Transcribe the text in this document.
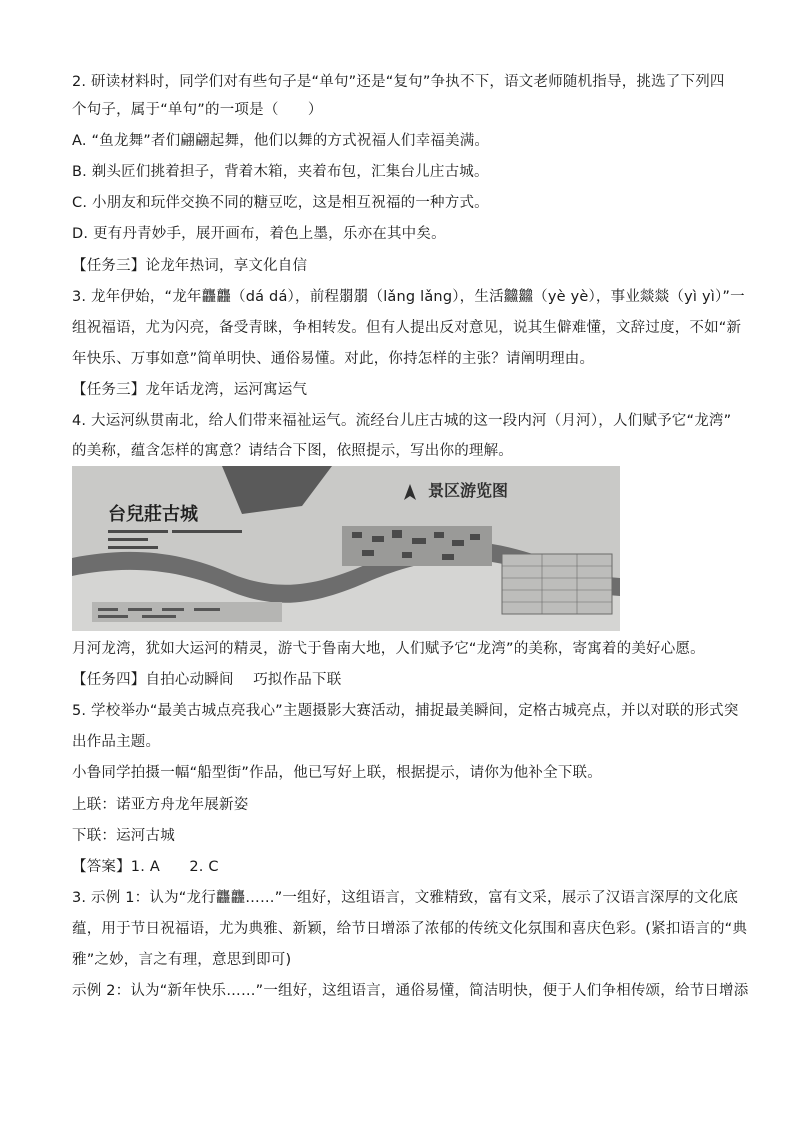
2. 研读材料时，同学们对有些句子是“单句”还是“复句”争执不下，语文老师随机指导，挑选了下列四
个句子，属于“单句”的一项是（　　）
A. “鱼龙舞”者们翩翩起舞，他们以舞的方式祝福人们幸福美满。
B. 剃头匠们挑着担子，背着木箱，夹着布包，汇集台儿庄古城。
C. 小朋友和玩伴交换不同的糖豆吃，这是相互祝福的一种方式。
D. 更有丹青妙手，展开画布，着色上墨，乐亦在其中矣。
【任务三】论龙年热词，享文化自信
3. 龙年伊始，“龙年龘龘（dá dá），前程朤朤（lǎng lǎng），生活䲜䲜（yè yè），事业燚燚（yì yì）”一
组祝福语，尤为闪亮，备受青睐，争相转发。但有人提出反对意见，说其生僻难懂，文辞过度，不如“新
年快乐、万事如意”简单明快、通俗易懂。对此，你持怎样的主张？请阐明理由。
【任务三】龙年话龙湾，运河寓运气
4. 大运河纵贯南北，给人们带来福祉运气。流经台儿庄古城的这一段内河（月河），人们赋予它“龙湾”
的美称，蕴含怎样的寓意？请结合下图，依照提示，写出你的理解。
景区游览图
台兒莊古城
月河龙湾，犹如大运河的精灵，游弋于鲁南大地，人们赋予它“龙湾”的美称，寄寓着的美好心愿。
【任务四】自拍心动瞬间　 巧拟作品下联
5. 学校举办“最美古城点亮我心”主题摄影大赛活动，捕捉最美瞬间，定格古城亮点，并以对联的形式突
出作品主题。
小鲁同学拍摄一幅“船型街”作品，他已写好上联，根据提示，请你为他补全下联。
上联：诺亚方舟龙年展新姿
下联：运河古城
【答案】1. A　　2. C
3. 示例 1：认为“龙行龘龘……”一组好，这组语言，文雅精致，富有文采，展示了汉语言深厚的文化底
蕴，用于节日祝福语，尤为典雅、新颖，给节日增添了浓郁的传统文化氛围和喜庆色彩。(紧扣语言的“典
雅”之妙，言之有理，意思到即可)
示例 2：认为“新年快乐……”一组好，这组语言，通俗易懂，简洁明快，便于人们争相传颂，给节日增添
